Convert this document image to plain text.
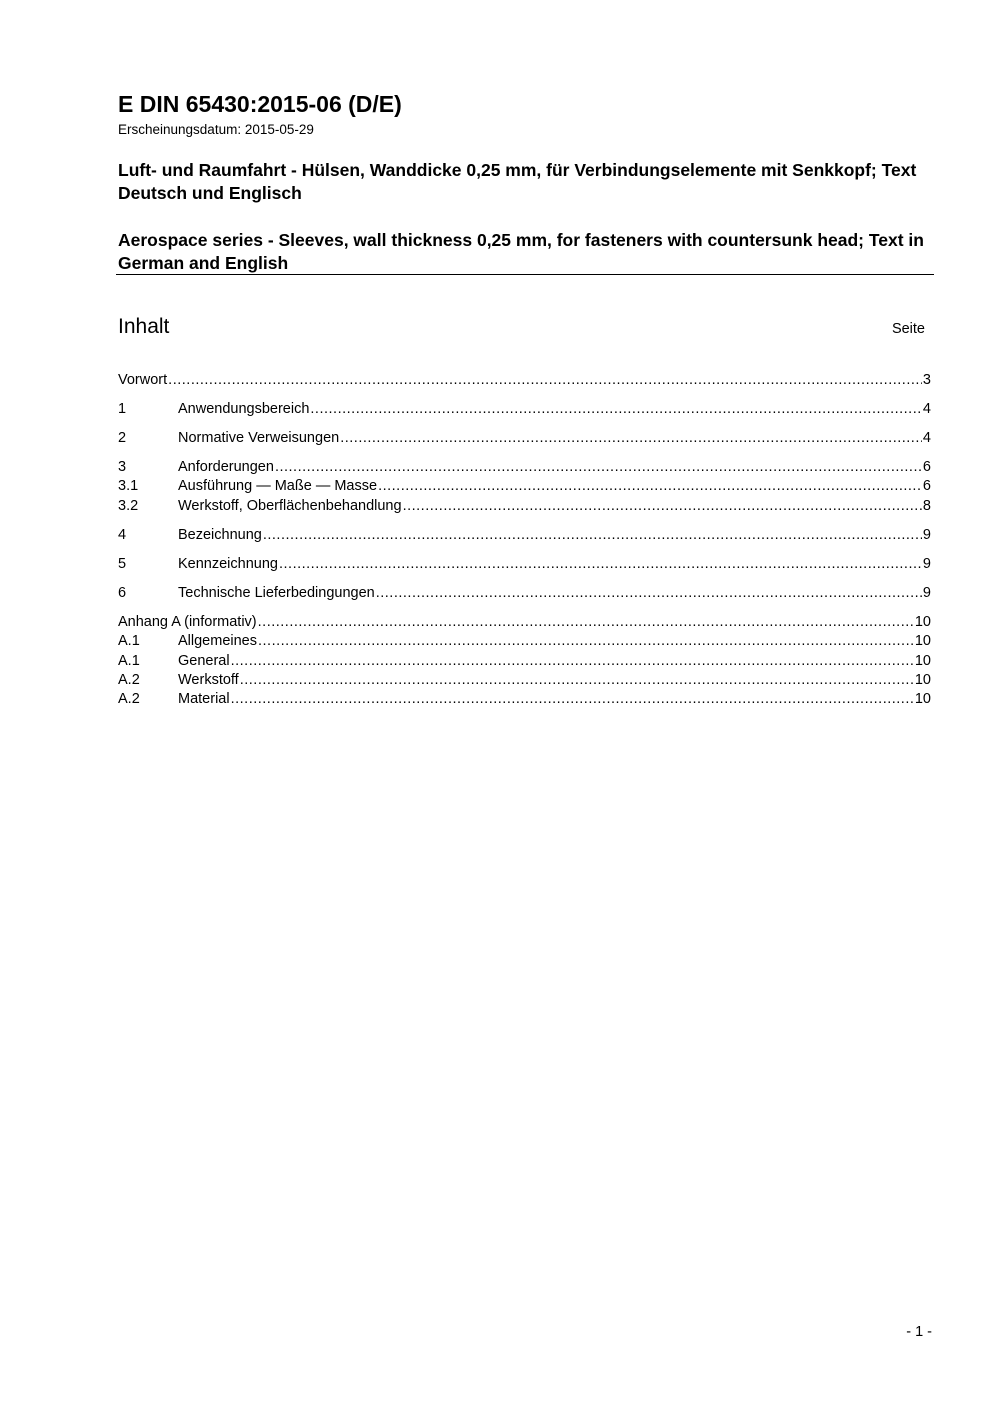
E DIN 65430:2015-06 (D/E)
Erscheinungsdatum: 2015-05-29
Luft- und Raumfahrt - Hülsen, Wanddicke 0,25 mm, für Verbindungselemente mit Senkkopf; Text Deutsch und Englisch
Aerospace series - Sleeves, wall thickness 0,25 mm, for fasteners with countersunk head; Text in German and English
Inhalt	Seite
Vorwort .....	3
1	Anwendungsbereich .....	4
2	Normative Verweisungen .....	4
3	Anforderungen .....	6
3.1	Ausführung — Maße — Masse .....	6
3.2	Werkstoff, Oberflächenbehandlung .....	8
4	Bezeichnung .....	9
5	Kennzeichnung .....	9
6	Technische Lieferbedingungen .....	9
Anhang A (informativ) .....	10
A.1	Allgemeines .....	10
A.1	General .....	10
A.2	Werkstoff .....	10
A.2	Material .....	10
- 1 -
